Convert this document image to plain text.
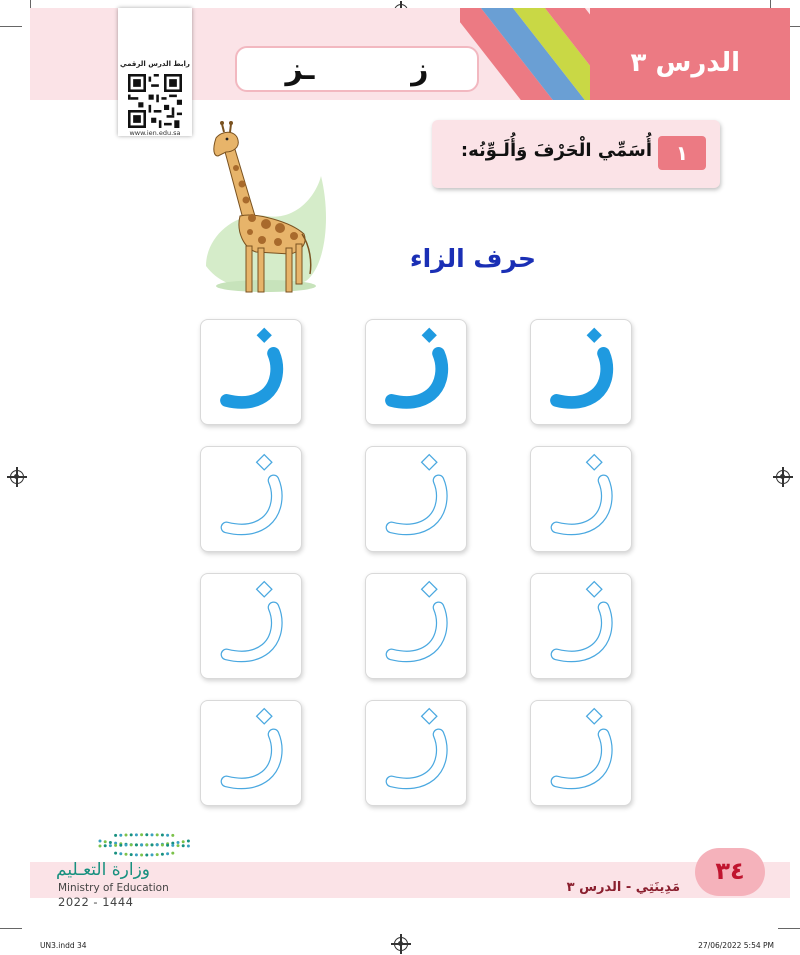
الدرس ٣
ز
ـز
رابط الدرس الرقمي
www.ien.edu.sa
١
أُسَمِّي الْحَرْفَ وَأُلَـوِّنُه:
حرف الزاء
٣٤
مَدِينَتِي - الدرس ٣
وزارة التعـليم
Ministry of Education
2022 - 1444
UN3.indd 34	27/06/2022 5:54 PM
